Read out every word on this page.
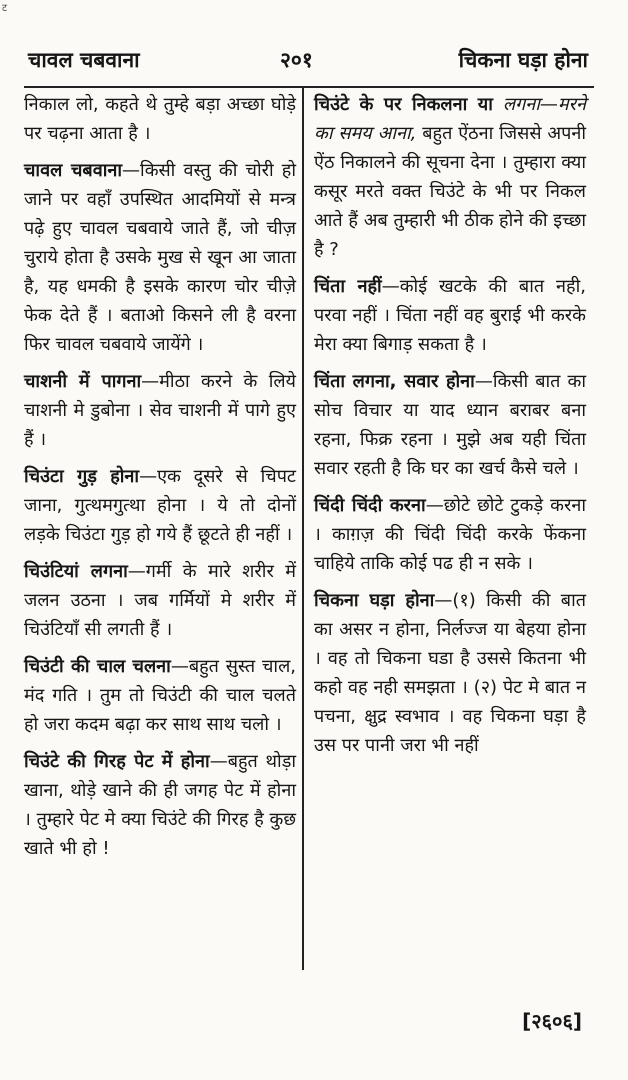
ट
चावल चबवाना	२०१	चिकना घड़ा होना

निकाल लो, कहते थे तुम्हे बड़ा अच्छा घोड़े पर चढ़ना आता है ।

चावल चबवाना—किसी वस्तु की चोरी हो जाने पर वहाँ उपस्थित आदमियों से मन्त्र पढ़े हुए चावल चबवाये जाते हैं, जो चीज़ चुराये होता है उसके मुख से खून आ जाता है, यह धमकी है इसके कारण चोर चीज़े फेक देते हैं । बताओ किसने ली है वरना फिर चावल चबवाये जायेंगे ।

चाशनी में पागना—मीठा करने के लिये चाशनी मे डुबोना । सेव चाशनी में पागे हुए हैं ।

चिउंटा गुड़ होना—एक दूसरे से चिपट जाना, गुत्थमगुत्था होना । ये तो दोनों लड़के चिउंटा गुड़ हो गये हैं छूटते ही नहीं ।

चिउंटियां लगना—गर्मी के मारे शरीर में जलन उठना । जब गर्मियों मे शरीर में चिउंटियाँ सी लगती हैं ।

चिउंटी की चाल चलना—बहुत सुस्त चाल, मंद गति । तुम तो चिउंटी की चाल चलते हो जरा कदम बढ़ा कर साथ साथ चलो ।

चिउंटे की गिरह पेट में होना—बहुत थोड़ा खाना, थोड़े खाने की ही जगह पेट में होना । तुम्हारे पेट मे क्या चिउंटे की गिरह है कुछ खाते भी हो !

चिउंटे के पर निकलना या लगना—मरने का समय आना, बहुत ऐंठना जिससे अपनी ऐंठ निकालने की सूचना देना । तुम्हारा क्या कसूर मरते वक्त चिउंटे के भी पर निकल आते हैं अब तुम्हारी भी ठीक होने की इच्छा है ?

चिंता नहीं—कोई खटके की बात नही, परवा नहीं । चिंता नहीं वह बुराई भी करके मेरा क्या बिगाड़ सकता है ।

चिंता लगना, सवार होना—किसी बात का सोच विचार या याद ध्यान बराबर बना रहना, फिक्र रहना । मुझे अब यही चिंता सवार रहती है कि घर का खर्च कैसे चले ।

चिंदी चिंदी करना—छोटे छोटे टुकड़े करना । काग़ज़ की चिंदी चिंदी करके फेंकना चाहिये ताकि कोई पढ ही न सके ।

चिकना घड़ा होना—(१) किसी की बात का असर न होना, निर्लज्ज या बेहया होना । वह तो चिकना घडा है उससे कितना भी कहो वह नही समझता । (२) पेट मे बात न पचना, क्षुद्र स्वभाव । वह चिकना घड़ा है उस पर पानी जरा भी नहीं

[२६०६]
